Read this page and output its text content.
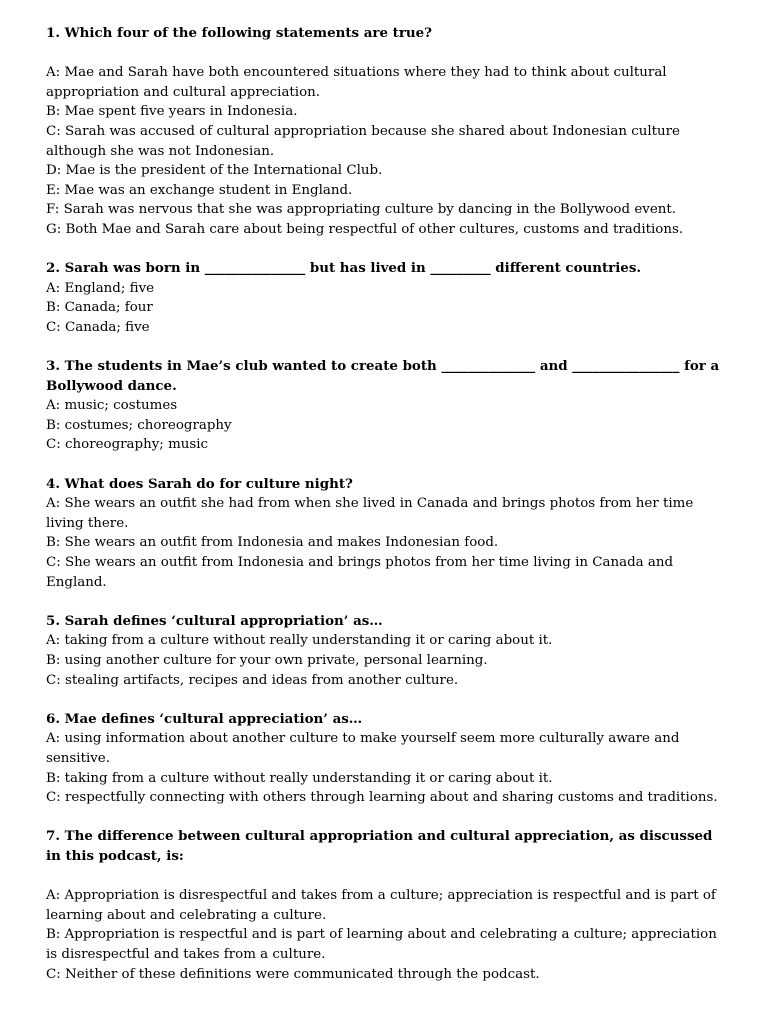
1. Which four of the following statements are true?

A: Mae and Sarah have both encountered situations where they had to think about cultural appropriation and cultural appreciation.

B: Mae spent five years in Indonesia.

C: Sarah was accused of cultural appropriation because she shared about Indonesian culture although she was not Indonesian.

D: Mae is the president of the International Club.

E: Mae was an exchange student in England.

F: Sarah was nervous that she was appropriating culture by dancing in the Bollywood event.

G: Both Mae and Sarah care about being respectful of other cultures, customs and traditions.

2. Sarah was born in _______________ but has lived in _________ different countries.

A: England; five

B: Canada; four

C: Canada; five

3. The students in Mae’s club wanted to create both ______________ and ________________ for a Bollywood dance.

A: music; costumes

B: costumes; choreography

C: choreography; music

4. What does Sarah do for culture night?

A: She wears an outfit she had from when she lived in Canada and brings photos from her time living there.

B: She wears an outfit from Indonesia and makes Indonesian food.

C: She wears an outfit from Indonesia and brings photos from her time living in Canada and England.

5. Sarah defines ‘cultural appropriation’ as…

A: taking from a culture without really understanding it or caring about it.

B: using another culture for your own private, personal learning.

C: stealing artifacts, recipes and ideas from another culture.

6. Mae defines ‘cultural appreciation’ as…

A: using information about another culture to make yourself seem more culturally aware and sensitive.

B: taking from a culture without really understanding it or caring about it.

C: respectfully connecting with others through learning about and sharing customs and traditions.

7. The difference between cultural appropriation and cultural appreciation, as discussed in this podcast, is:

A: Appropriation is disrespectful and takes from a culture; appreciation is respectful and is part of learning about and celebrating a culture.

B: Appropriation is respectful and is part of learning about and celebrating a culture; appreciation is disrespectful and takes from a culture.

C: Neither of these definitions were communicated through the podcast.
